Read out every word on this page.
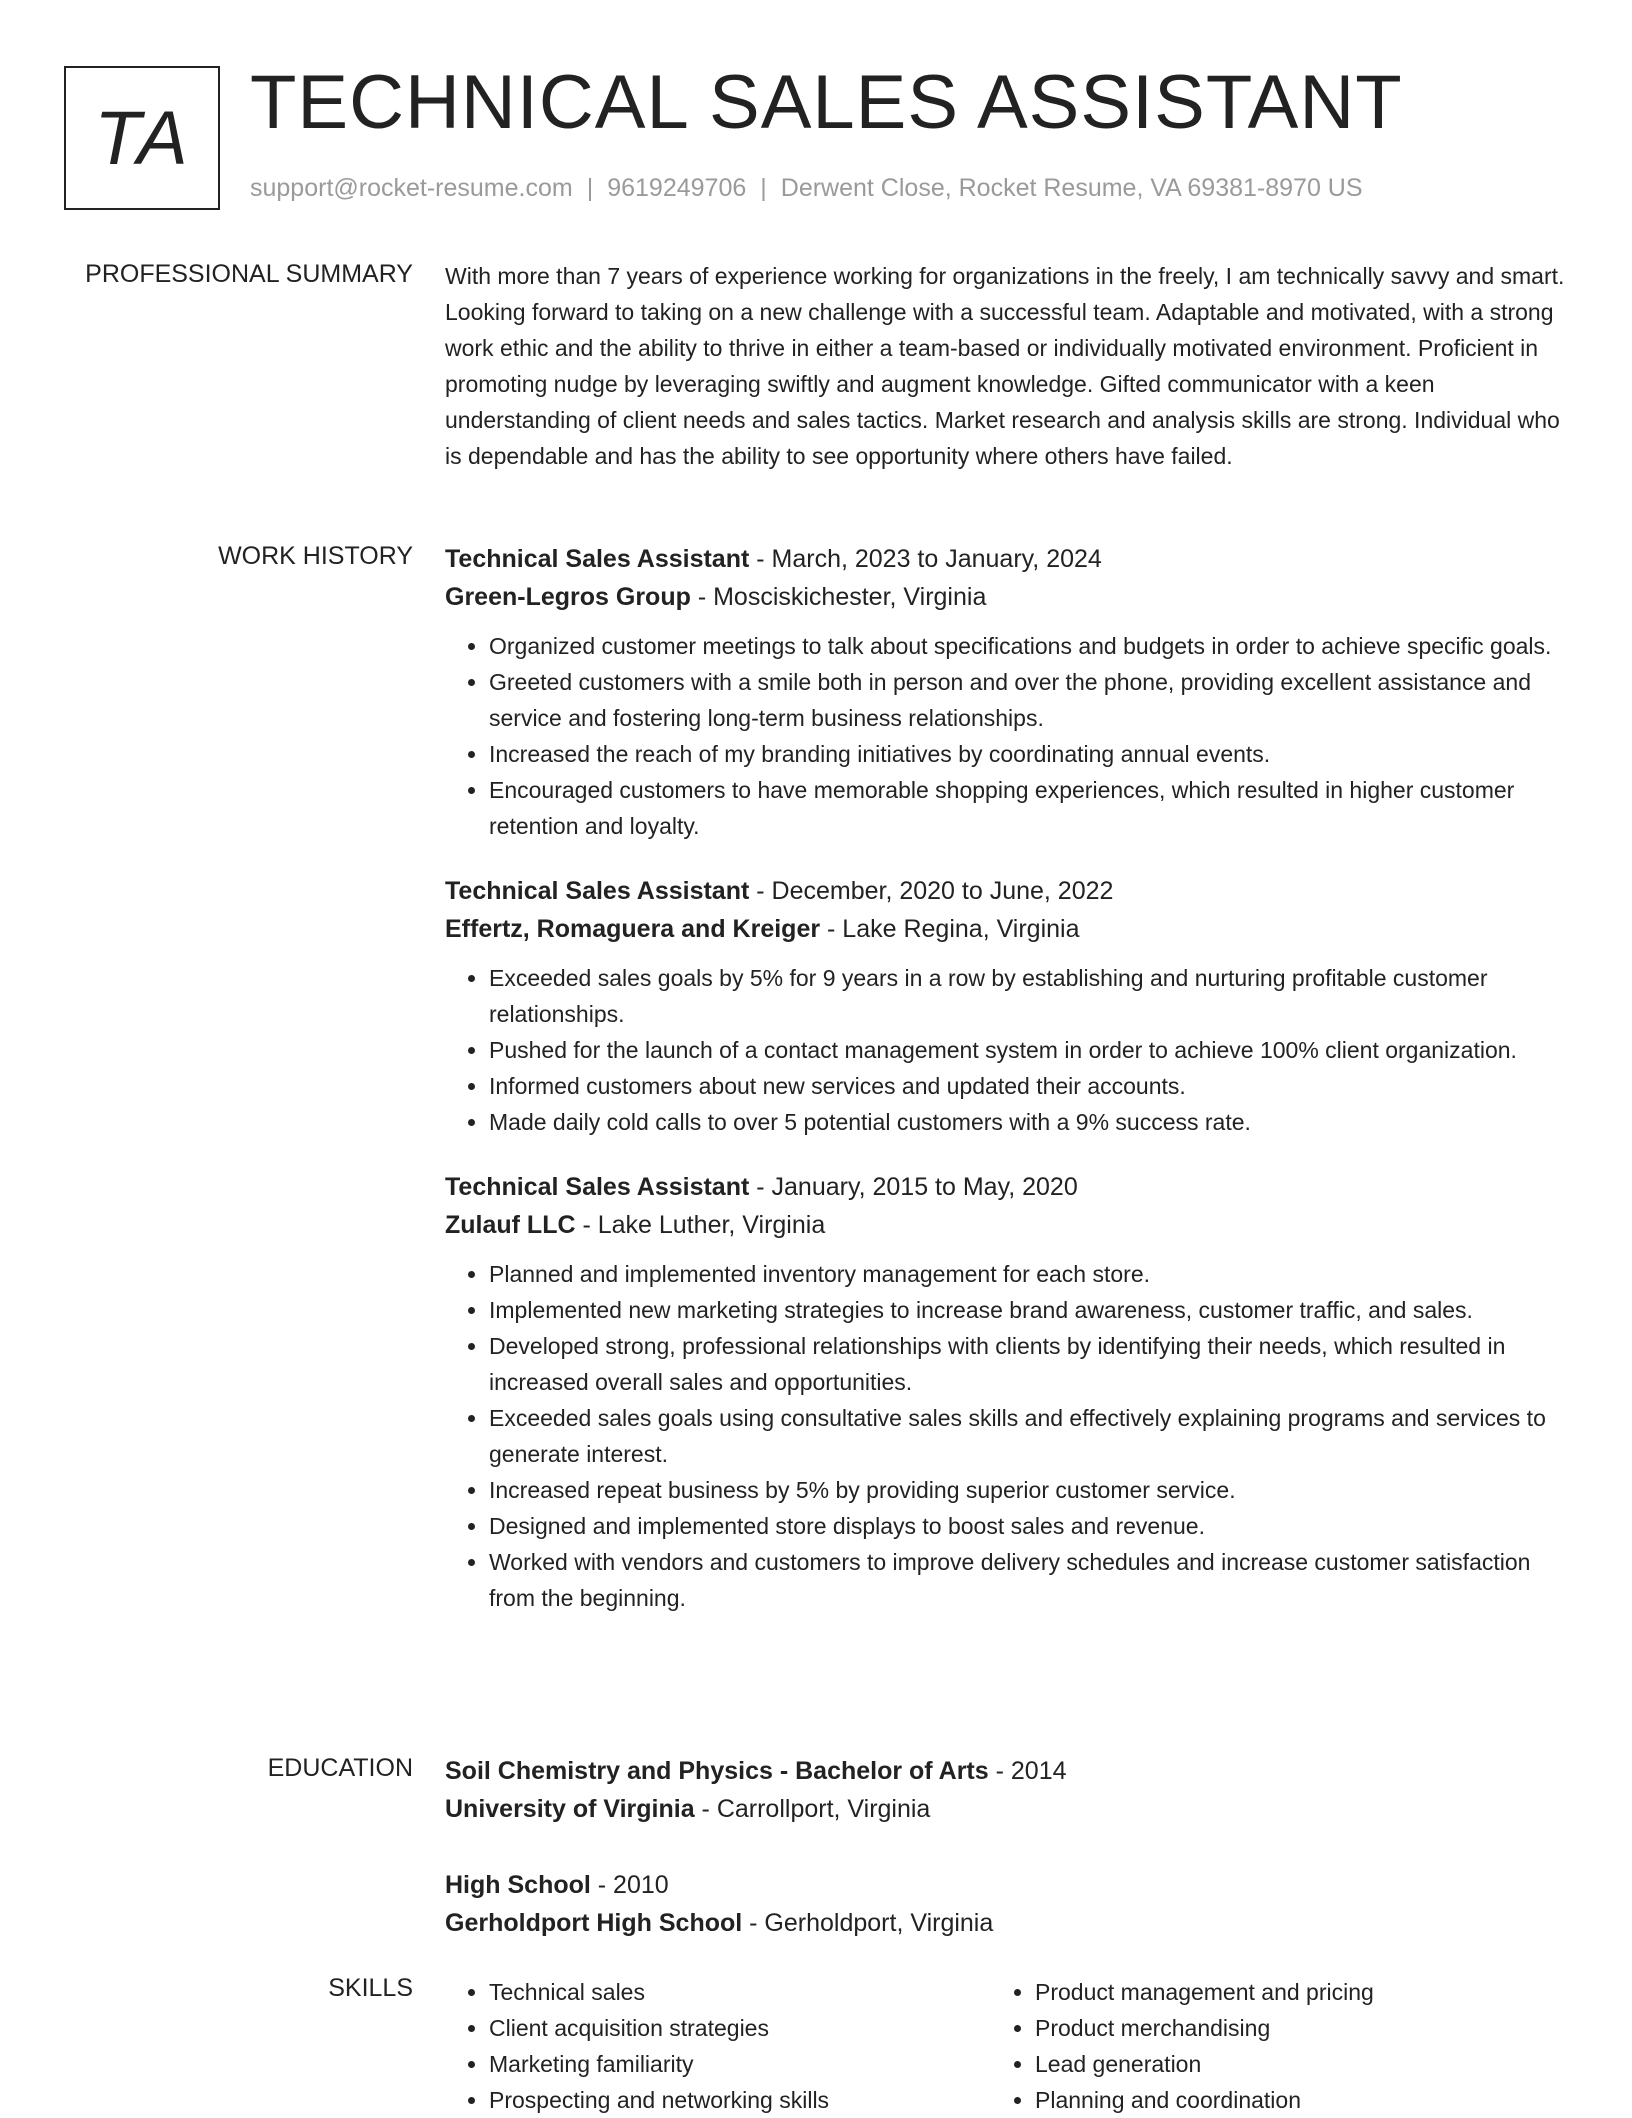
TA TECHNICAL SALES ASSISTANT
support@rocket-resume.com | 9619249706 | Derwent Close, Rocket Resume, VA 69381-8970 US
PROFESSIONAL SUMMARY With more than 7 years of experience working for organizations in the freely, I am technically savvy and smart. Looking forward to taking on a new challenge with a successful team. Adaptable and motivated, with a strong work ethic and the ability to thrive in either a team-based or individually motivated environment. Proficient in promoting nudge by leveraging swiftly and augment knowledge. Gifted communicator with a keen understanding of client needs and sales tactics. Market research and analysis skills are strong. Individual who is dependable and has the ability to see opportunity where others have failed.

WORK HISTORY Technical Sales Assistant - March, 2023 to January, 2024
Green-Legros Group - Mosciskichester, Virginia
• Organized customer meetings to talk about specifications and budgets in order to achieve specific goals.
• Greeted customers with a smile both in person and over the phone, providing excellent assistance and service and fostering long-term business relationships.
• Increased the reach of my branding initiatives by coordinating annual events.
• Encouraged customers to have memorable shopping experiences, which resulted in higher customer retention and loyalty.
Technical Sales Assistant - December, 2020 to June, 2022
Effertz, Romaguera and Kreiger - Lake Regina, Virginia
• Exceeded sales goals by 5% for 9 years in a row by establishing and nurturing profitable customer relationships.
• Pushed for the launch of a contact management system in order to achieve 100% client organization.
• Informed customers about new services and updated their accounts.
• Made daily cold calls to over 5 potential customers with a 9% success rate.
Technical Sales Assistant - January, 2015 to May, 2020
Zulauf LLC - Lake Luther, Virginia
• Planned and implemented inventory management for each store.
• Implemented new marketing strategies to increase brand awareness, customer traffic, and sales.
• Developed strong, professional relationships with clients by identifying their needs, which resulted in increased overall sales and opportunities.
• Exceeded sales goals using consultative sales skills and effectively explaining programs and services to generate interest.
• Increased repeat business by 5% by providing superior customer service.
• Designed and implemented store displays to boost sales and revenue.
• Worked with vendors and customers to improve delivery schedules and increase customer satisfaction from the beginning.
EDUCATION Soil Chemistry and Physics - Bachelor of Arts - 2014
University of Virginia - Carrollport, Virginia
High School - 2010
Gerholdport High School - Gerholdport, Virginia
SKILLS
•	Technical sales
• Client acquisition strategies
• Marketing familiarity
• Prospecting and networking skills
• Product management and pricing
• Product merchandising
• Lead generation
• Planning and coordination
